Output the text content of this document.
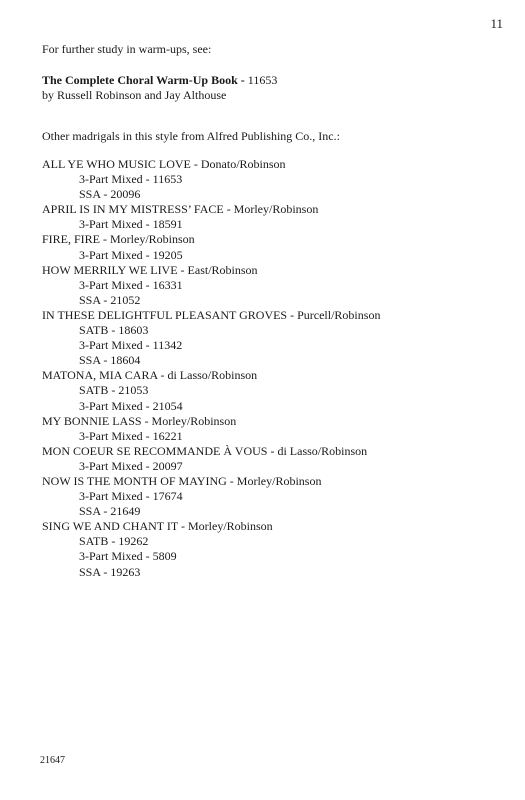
11
For further study in warm-ups, see:
The Complete Choral Warm-Up Book - 11653
by Russell Robinson and Jay Althouse
Other madrigals in this style from Alfred Publishing Co., Inc.:
ALL YE WHO MUSIC LOVE - Donato/Robinson
3-Part Mixed - 11653
SSA - 20096
APRIL IS IN MY MISTRESS’ FACE - Morley/Robinson
3-Part Mixed - 18591
FIRE, FIRE - Morley/Robinson
3-Part Mixed - 19205
HOW MERRILY WE LIVE - East/Robinson
3-Part Mixed - 16331
SSA - 21052
IN THESE DELIGHTFUL PLEASANT GROVES - Purcell/Robinson
SATB - 18603
3-Part Mixed - 11342
SSA - 18604
MATONA, MIA CARA - di Lasso/Robinson
SATB - 21053
3-Part Mixed - 21054
MY BONNIE LASS - Morley/Robinson
3-Part Mixed - 16221
MON COEUR SE RECOMMANDE À VOUS - di Lasso/Robinson
3-Part Mixed - 20097
NOW IS THE MONTH OF MAYING - Morley/Robinson
3-Part Mixed - 17674
SSA - 21649
SING WE AND CHANT IT - Morley/Robinson
SATB - 19262
3-Part Mixed - 5809
SSA - 19263
21647
